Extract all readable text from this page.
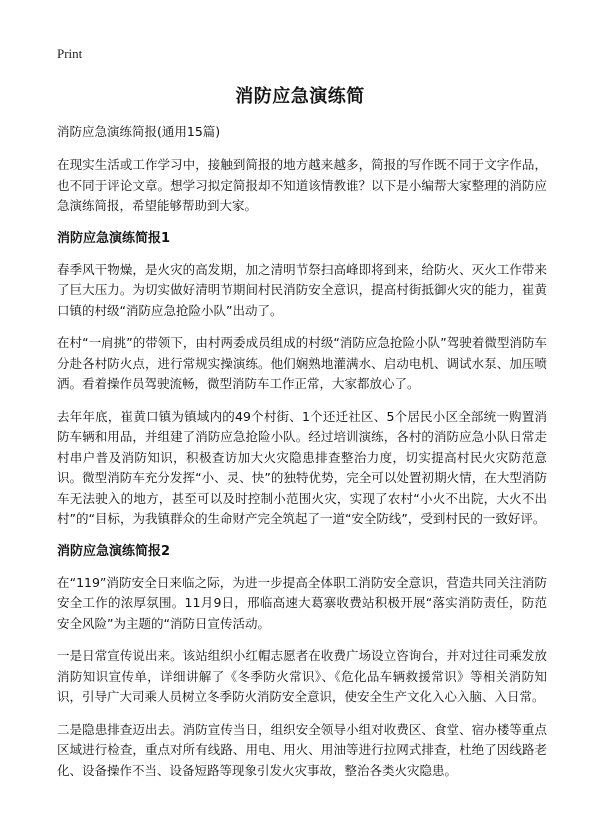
Print
消防应急演练简

消防应急演练简报(通用15篇)

在现实生活或工作学习中，接触到简报的地方越来越多，简报的写作既不同于文字作品，也不同于评论文章。想学习拟定简报却不知道该情教谁？以下是小编帮大家整理的消防应急演练简报，希望能够帮助到大家。

消防应急演练简报1

春季风干物燥，是火灾的高发期，加之清明节祭扫高峰即将到来，给防火、灭火工作带来了巨大压力。为切实做好清明节期间村民消防安全意识，提高村街抵御火灾的能力，崔黄口镇的村级“消防应急抢险小队”出动了。

在村“一肩挑”的带领下，由村两委成员组成的村级“消防应急抢险小队”驾驶着微型消防车分赴各村防火点，进行常规实操演练。他们娴熟地灌满水、启动电机、调试水泵、加压喷洒。看着操作员驾驶流畅，微型消防车工作正常，大家都放心了。

去年年底，崔黄口镇为镇域内的49个村街、1个还迁社区、5个居民小区全部统一购置消防车辆和用品，并组建了消防应急抢险小队。经过培训演练，各村的消防应急小队日常走村串户普及消防知识，积极查访加大火灾隐患排查整治力度，切实提高村民火灾防范意识。微型消防车充分发挥“小、灵、快”的独特优势，完全可以处置初期火情，在大型消防车无法驶入的地方，甚至可以及时控制小范围火灾，实现了农村“小火不出院，大火不出村”的“目标，为我镇群众的生命财产完全筑起了一道“安全防线”，受到村民的一致好评。

消防应急演练简报2

在“119”消防安全日来临之际，为进一步提高全体职工消防安全意识，营造共同关注消防安全工作的浓厚氛围。11月9日，邢临高速大葛寨收费站积极开展“落实消防责任，防范安全风险”为主题的“消防日宣传活动。

一是日常宣传说出来。该站组织小红帽志愿者在收费广场设立咨询台，并对过往司乘发放消防知识宣传单，详细讲解了《冬季防火常识》、《危化品车辆救援常识》等相关消防知识，引导广大司乘人员树立冬季防火消防安全意识，使安全生产文化入心入脑、入日常。

二是隐患排查迈出去。消防宣传当日，组织安全领导小组对收费区、食堂、宿办楼等重点区域进行检查，重点对所有线路、用电、用火、用油等进行拉网式排查，杜绝了因线路老化、设备操作不当、设备短路等现象引发火灾事故，整治各类火灾隐患。
